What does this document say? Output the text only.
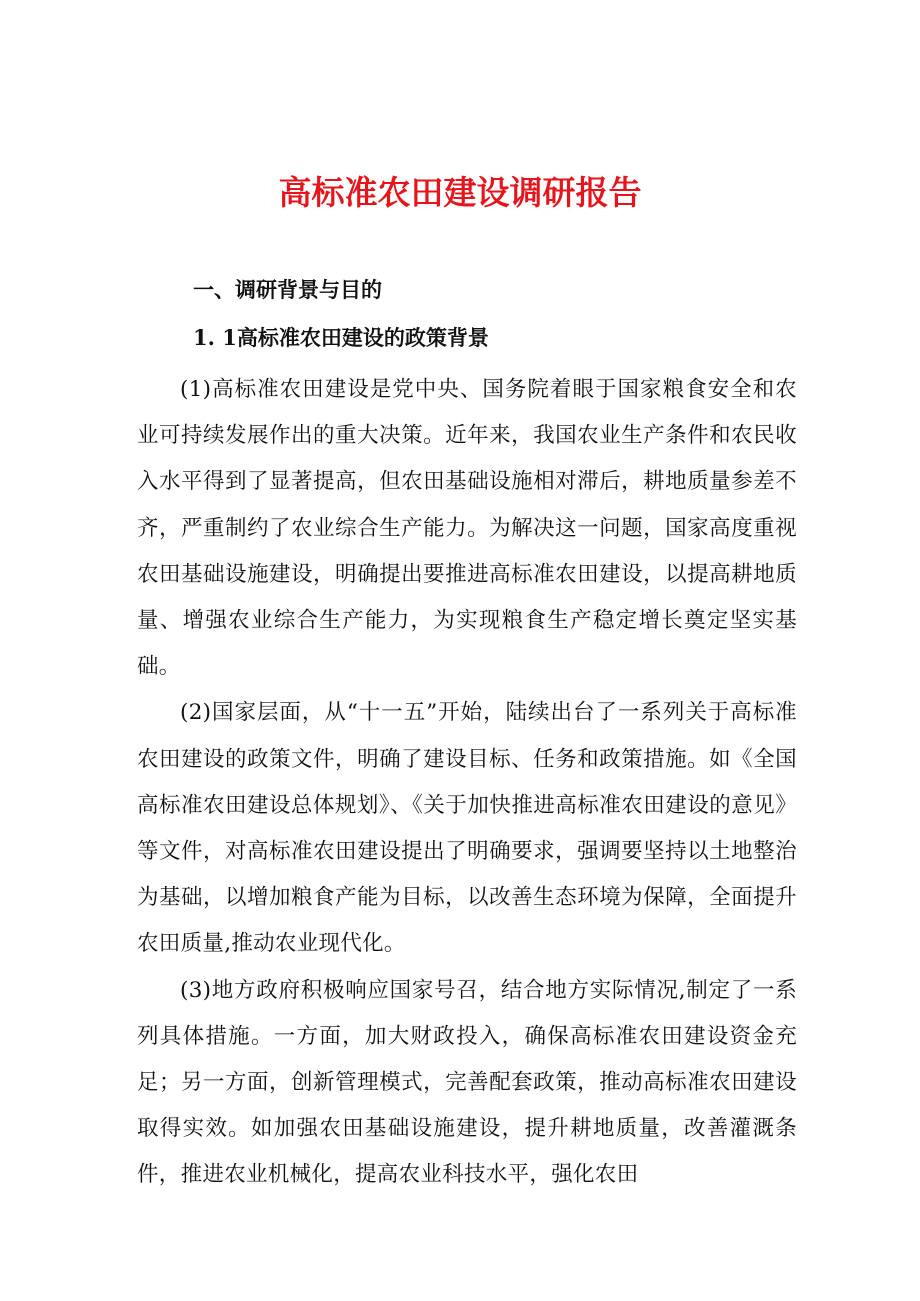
高标准农田建设调研报告
一、调研背景与目的
1. 1高标准农田建设的政策背景

(1)高标准农田建设是党中央、国务院着眼于国家粮食安全和农业可持续发展作出的重大决策。近年来，我国农业生产条件和农民收入水平得到了显著提高，但农田基础设施相对滞后，耕地质量参差不齐，严重制约了农业综合生产能力。为解决这一问题，国家高度重视农田基础设施建设，明确提出要推进高标准农田建设，以提高耕地质量、增强农业综合生产能力，为实现粮食生产稳定增长奠定坚实基础。

(2)国家层面，从“十一五”开始，陆续出台了一系列关于高标准农田建设的政策文件，明确了建设目标、任务和政策措施。如《全国高标准农田建设总体规划》、《关于加快推进高标准农田建设的意见》等文件，对高标准农田建设提出了明确要求，强调要坚持以土地整治为基础，以增加粮食产能为目标，以改善生态环境为保障，全面提升农田质量,推动农业现代化。

(3)地方政府积极响应国家号召，结合地方实际情况,制定了一系列具体措施。一方面，加大财政投入，确保高标准农田建设资金充足；另一方面，创新管理模式，完善配套政策，推动高标准农田建设取得实效。如加强农田基础设施建设，提升耕地质量，改善灌溉条件，推进农业机械化，提高农业科技水平，强化农田
